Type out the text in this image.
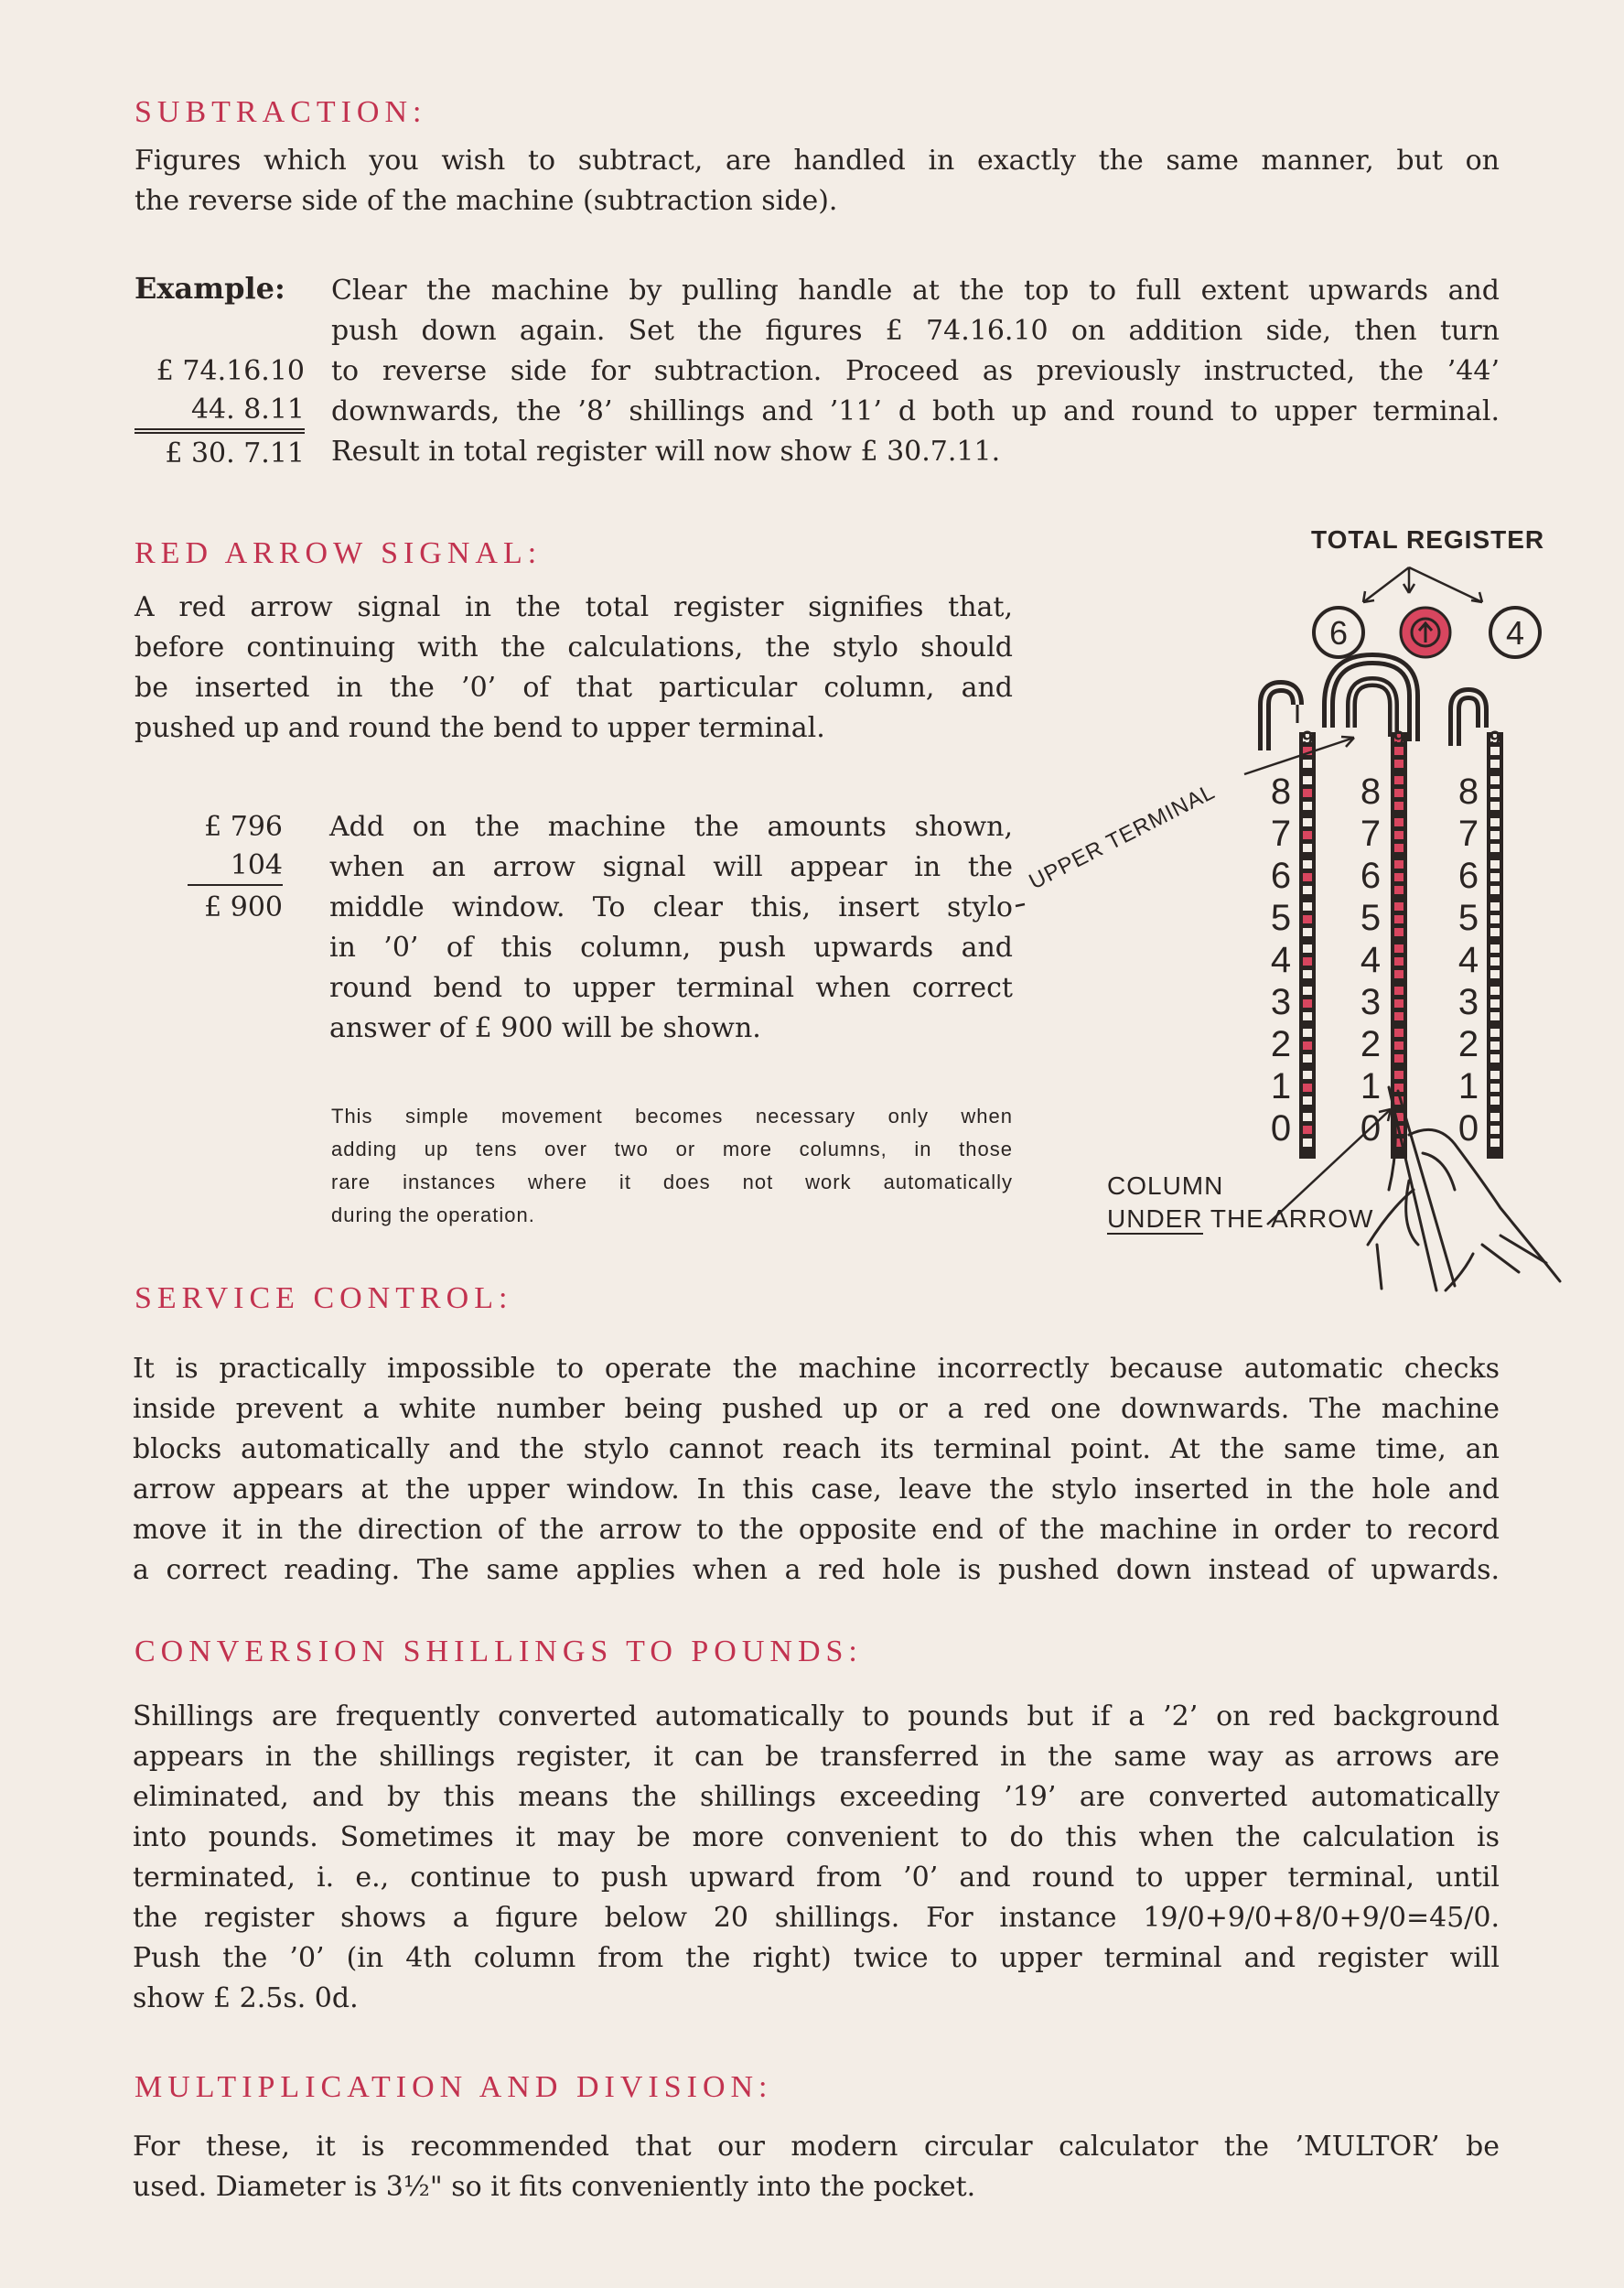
SUBTRACTION:
Figures which you wish to subtract, are handled in exactly the same manner, but on
the reverse side of the machine (subtraction side).
Example: Clear the machine by pulling handle at the top to full extent upwards and
push down again. Set the figures £ 74.16.10 on addition side, then turn
to reverse side for subtraction. Proceed as previously instructed, the ’44’
downwards, the ’8’ shillings and ’11’ d both up and round to upper terminal.
Result in total register will now show £ 30.7.11.
£ 74.16.10
44. 8.11
£ 30. 7.11
RED ARROW SIGNAL:
A red arrow signal in the total register signifies that,
before continuing with the calculations, the stylo should
be inserted in the ’0’ of that particular column, and
pushed up and round the bend to upper terminal.
£ 796
104
£ 900
Add on the machine the amounts shown,
when an arrow signal will appear in the
middle window. To clear this, insert stylo
in ’0’ of this column, push upwards and
round bend to upper terminal when correct
answer of £ 900 will be shown.
This simple movement becomes necessary only when
adding up tens over two or more columns, in those
rare instances where it does not work automatically
during the operation.
TOTAL REGISTER
6	4
9
8
7
6
5
4
3
2
1
0
9
8
7
6
5
4
3
2
1
0
9
8
7
6
5
4
3
2
1
0
UPPER TERMINAL
COLUMN
UNDER THE ARROW
SERVICE CONTROL:
It is practically impossible to operate the machine incorrectly because automatic checks
inside prevent a white number being pushed up or a red one downwards. The machine
blocks automatically and the stylo cannot reach its terminal point. At the same time, an
arrow appears at the upper window. In this case, leave the stylo inserted in the hole and
move it in the direction of the arrow to the opposite end of the machine in order to record
a correct reading. The same applies when a red hole is pushed down instead of upwards.
CONVERSION SHILLINGS TO POUNDS:
Shillings are frequently converted automatically to pounds but if a ’2’ on red background
appears in the shillings register, it can be transferred in the same way as arrows are
eliminated, and by this means the shillings exceeding ’19’ are converted automatically
into pounds. Sometimes it may be more convenient to do this when the calculation is
terminated, i. e., continue to push upward from ’0’ and round to upper terminal, until
the register shows a figure below 20 shillings. For instance 19/0+9/0+8/0+9/0=45/0.
Push the ’0’ (in 4th column from the right) twice to upper terminal and register will
show £ 2.5s. 0d.
MULTIPLICATION AND DIVISION:
For these, it is recommended that our modern circular calculator the ’MULTOR’ be
used. Diameter is 3½" so it fits conveniently into the pocket.
